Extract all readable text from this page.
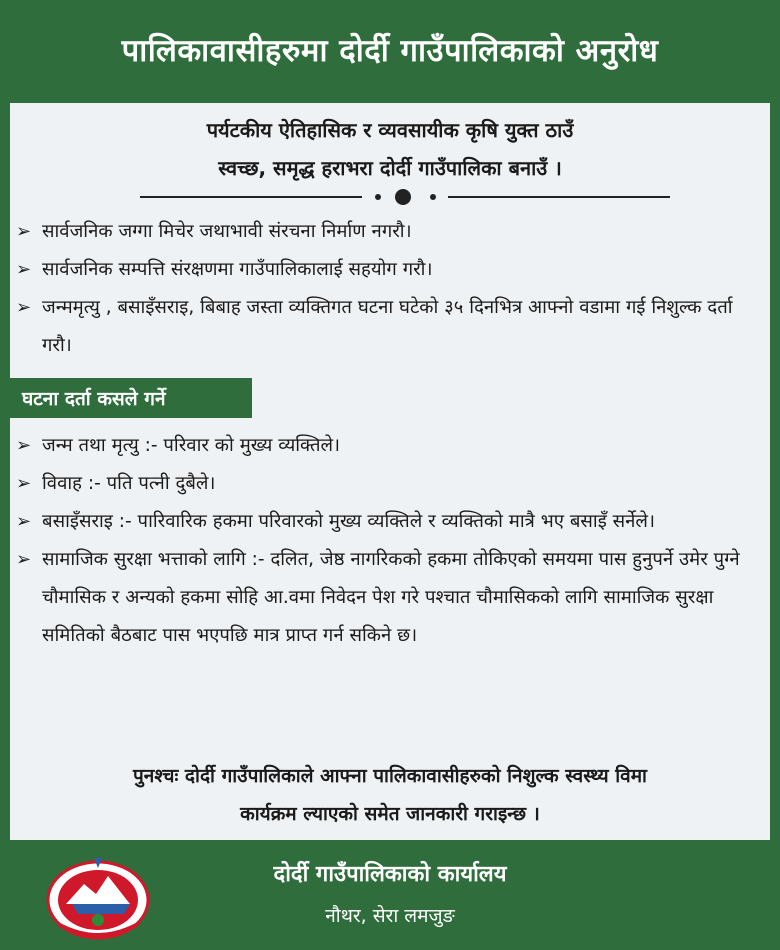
पालिकावासीहरुमा दोर्दी गाउँपालिकाको अनुरोध
पर्यटकीय ऐतिहासिक र व्यवसायीक कृषि युक्त ठाउँ
स्वच्छ, समृद्ध हराभरा दोर्दी गाउँपालिका बनाउँ ।
➢ सार्वजनिक जग्गा मिचेर जथाभावी संरचना निर्माण नगरौ।
➢ सार्वजनिक सम्पत्ति संरक्षणमा गाउँपालिकालाई सहयोग गरौ।
➢ जन्ममृत्यु , बसाइँसराइ, बिबाह जस्ता व्यक्तिगत घटना घटेको ३५ दिनभित्र आफ्नो वडामा गई निशुल्क दर्ता गरौ।
घटना दर्ता कसले गर्ने
➢ जन्म तथा मृत्यु :- परिवार को मुख्य व्यक्तिले।
➢ विवाह :- पति पत्नी दुबैले।
➢ बसाइँसराइ :- पारिवारिक हकमा परिवारको मुख्य व्यक्तिले र व्यक्तिको मात्रै भए बसाइँ सर्नेले।
➢ सामाजिक सुरक्षा भत्ताको लागि :- दलित, जेष्ठ नागरिकको हकमा तोकिएको समयमा पास हुनुपर्ने उमेर पुग्ने चौमासिक र अन्यको हकमा सोहि आ.वमा निवेदन पेश गरे पश्चात चौमासिकको लागि सामाजिक सुरक्षा समितिको बैठबाट पास भएपछि मात्र प्राप्त गर्न सकिने छ।
पुनश्चः दोर्दी गाउँपालिकाले आफ्ना पालिकावासीहरुको निशुल्क स्वस्थ्य विमा
कार्यक्रम ल्याएको समेत जानकारी गराइन्छ ।
दोर्दी गाउँपालिकाको कार्यालय
नौथर, सेरा लमजुङ
